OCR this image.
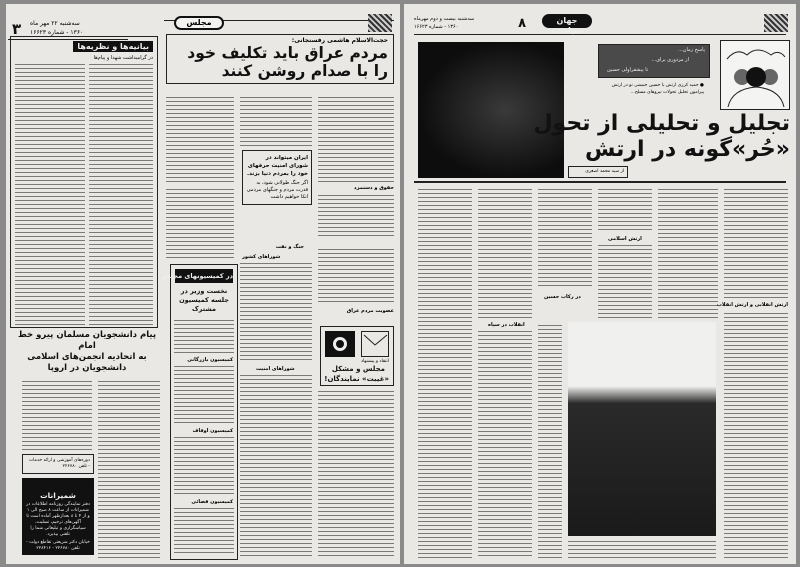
۳ سه‌شنبه ۲۲ مهر ماه
۱۳۶۰ - شماره ۱۶۶۲۳
مجلس
بیانیه‌ها و نظریه‌ها
در گرامیداشت شهدا و پیام‌ها
حجت‌الاسلام هاشمی رفسنجانی:
مردم عراق باید تکلیف خود را با صدام روشن کنند
حقوق و دستمزد
ایران میتواند در شورای امنیت حرفهای خود را بمردم دنیا بزند.
اگر جنگ طولانی شود، به قدرت مردم و جنگهای مردمی اتکا خواهیم داشت
جنگ و نفت
عضویت مردم عراق
شوراهای کشور
شوراهای امنیت
در کمیسیونهای مجلس
نخست وزیر در جلسه کمیسیون مشترک
کمیسیون بازرگانی
کمیسیون اوقاف
کمیسیون قضائی
انتقاد و پیشنهاد
مجلس و مشکل
«غیبت» نمایندگان!
پیام دانشجویان مسلمان پیرو خط امام
به اتحادیه انجمن‌های اسلامی دانشجویان در اروپا
دوره‌های آموزشی و ارائه خدمات - تلفن ۲۲۶۷۸۰
شهروندان گرامی
شمیرانات
دفتر نمایندگی روزنامه اطلاعات در شمیرانات از ساعت ۸ صبح الی ۱ و از ۴ تا ۸ بعدازظهر آماده است تا آگهی‌های ترحیم، تسلیت، سپاسگزاری و تبلیغاتی شما را تلفنی بپذیرد.
خیابان دکتر شریعتی تقاطع دولت - تلفن ۲۲۶۷۸۰ - ۲۲۸۴۱۶
سه‌شنبه بیست و دوم مهرماه
۱۳۶۰ - شماره ۱۶۶۲۳	۸	جهان سیاست
پاسخ زمان...
از مزدوری برای...
تا پیشقراولی حسین
● حمید کرزی ارتش با حسین جنبشی نو در ارتش پیرامون تحلیل تحولات نیروهای مسلح...
تجلیل و تحلیلی از تحول
«حُر»گونه در ارتش
از سید محمد اصغری
انقلاب در سپاه
در رکاب حسین
ارتش اسلامی
ارتش انقلابی و ارتش انقلاب
